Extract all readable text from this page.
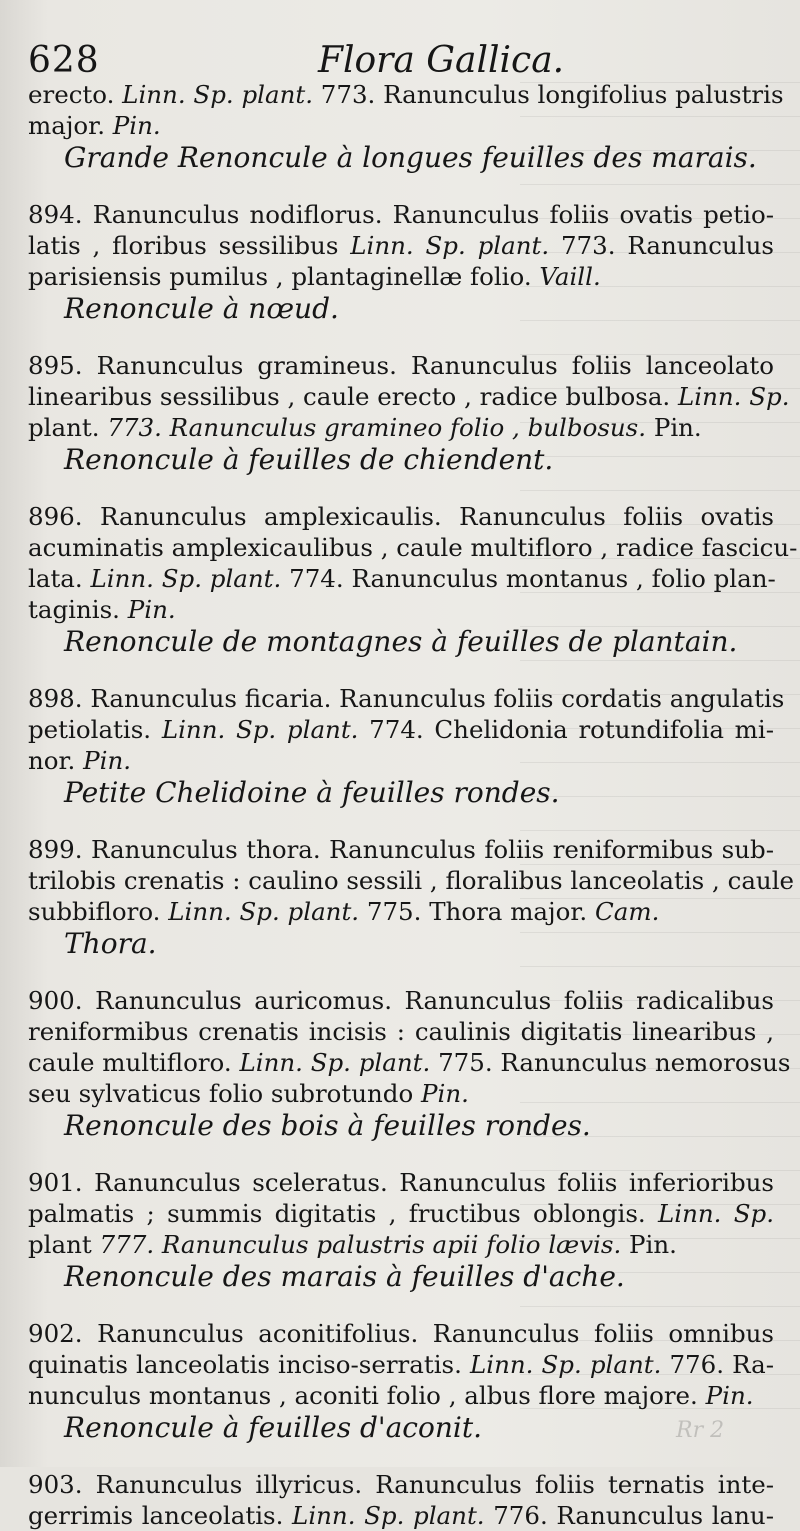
628	Flora Gallica.
erecto. Linn. Sp. plant. 773. Ranunculus longifolius palustris
major. Pin.
Grande Renoncule à longues feuilles des marais.
894. Ranunculus nodiflorus. Ranunculus foliis ovatis petio-
latis , floribus sessilibus Linn. Sp. plant. 773. Ranunculus
parisiensis pumilus , plantaginellæ folio. Vaill.
Renoncule à nœud.
895. Ranunculus gramineus. Ranunculus foliis lanceolato
linearibus sessilibus , caule erecto , radice bulbosa. Linn. Sp.
plant. 773. Ranunculus gramineo folio , bulbosus. Pin.
Renoncule à feuilles de chiendent.
896. Ranunculus amplexicaulis. Ranunculus foliis ovatis
acuminatis amplexicaulibus , caule multifloro , radice fascicu-
lata. Linn. Sp. plant. 774. Ranunculus montanus , folio plan-
taginis. Pin.
Renoncule de montagnes à feuilles de plantain.
898. Ranunculus ficaria. Ranunculus foliis cordatis angulatis
petiolatis. Linn. Sp. plant. 774. Chelidonia rotundifolia mi-
nor. Pin.
Petite Chelidoine à feuilles rondes.
899. Ranunculus thora. Ranunculus foliis reniformibus sub-
trilobis crenatis : caulino sessili , floralibus lanceolatis , caule
subbifloro. Linn. Sp. plant. 775. Thora major. Cam.
Thora.
900. Ranunculus auricomus. Ranunculus foliis radicalibus
reniformibus crenatis incisis : caulinis digitatis linearibus ,
caule multifloro. Linn. Sp. plant. 775. Ranunculus nemorosus
seu sylvaticus folio subrotundo Pin.
Renoncule des bois à feuilles rondes.
901. Ranunculus sceleratus. Ranunculus foliis inferioribus
palmatis ; summis digitatis , fructibus oblongis. Linn. Sp.
plant 777. Ranunculus palustris apii folio lævis. Pin.
Renoncule des marais à feuilles d'ache.
902. Ranunculus aconitifolius. Ranunculus foliis omnibus
quinatis lanceolatis inciso-serratis. Linn. Sp. plant. 776. Ra-
nunculus montanus , aconiti folio , albus flore majore. Pin.
Renoncule à feuilles d'aconit.
903. Ranunculus illyricus. Ranunculus foliis ternatis inte-
gerrimis lanceolatis. Linn. Sp. plant. 776. Ranunculus lanu-
Rr 2
